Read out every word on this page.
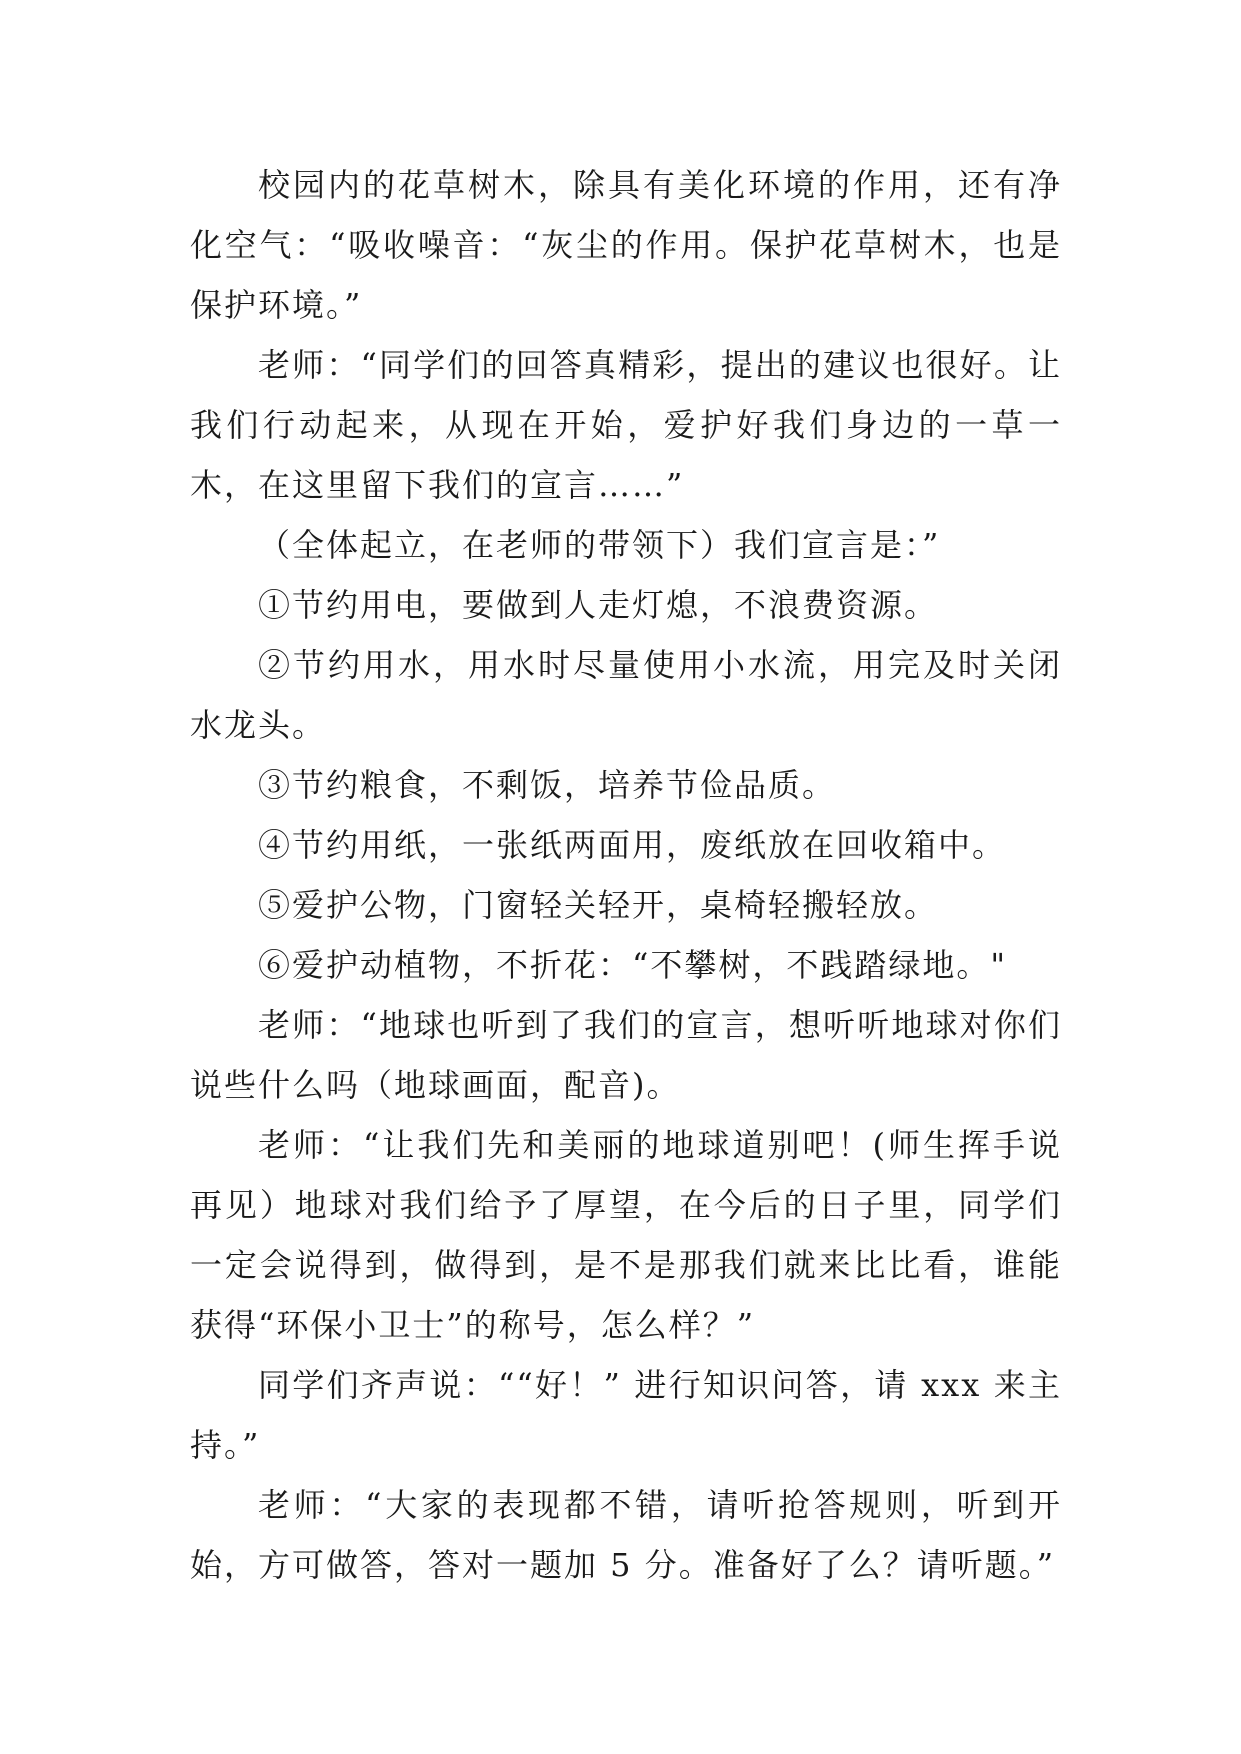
校园内的花草树木，除具有美化环境的作用，还有净化空气：“吸收噪音：“灰尘的作用。保护花草树木，也是保护环境。”

老师：“同学们的回答真精彩，提出的建议也很好。让我们行动起来，从现在开始，爱护好我们身边的一草一木，在这里留下我们的宣言……”

（全体起立，在老师的带领下）我们宣言是：”

①节约用电，要做到人走灯熄，不浪费资源。

②节约用水，用水时尽量使用小水流，用完及时关闭水龙头。

③节约粮食，不剩饭，培养节俭品质。

④节约用纸，一张纸两面用，废纸放在回收箱中。

⑤爱护公物，门窗轻关轻开，桌椅轻搬轻放。

⑥爱护动植物，不折花：“不攀树，不践踏绿地。"

老师：“地球也听到了我们的宣言，想听听地球对你们说些什么吗（地球画面，配音)。

老师：“让我们先和美丽的地球道别吧！(师生挥手说再见）地球对我们给予了厚望，在今后的日子里，同学们一定会说得到，做得到，是不是那我们就来比比看，谁能获得“环保小卫士”的称号，怎么样？”

同学们齐声说：““好！” 进行知识问答，请 xxx 来主持。”

老师：“大家的表现都不错，请听抢答规则，听到开始，方可做答，答对一题加 5 分。准备好了么？请听题。”
